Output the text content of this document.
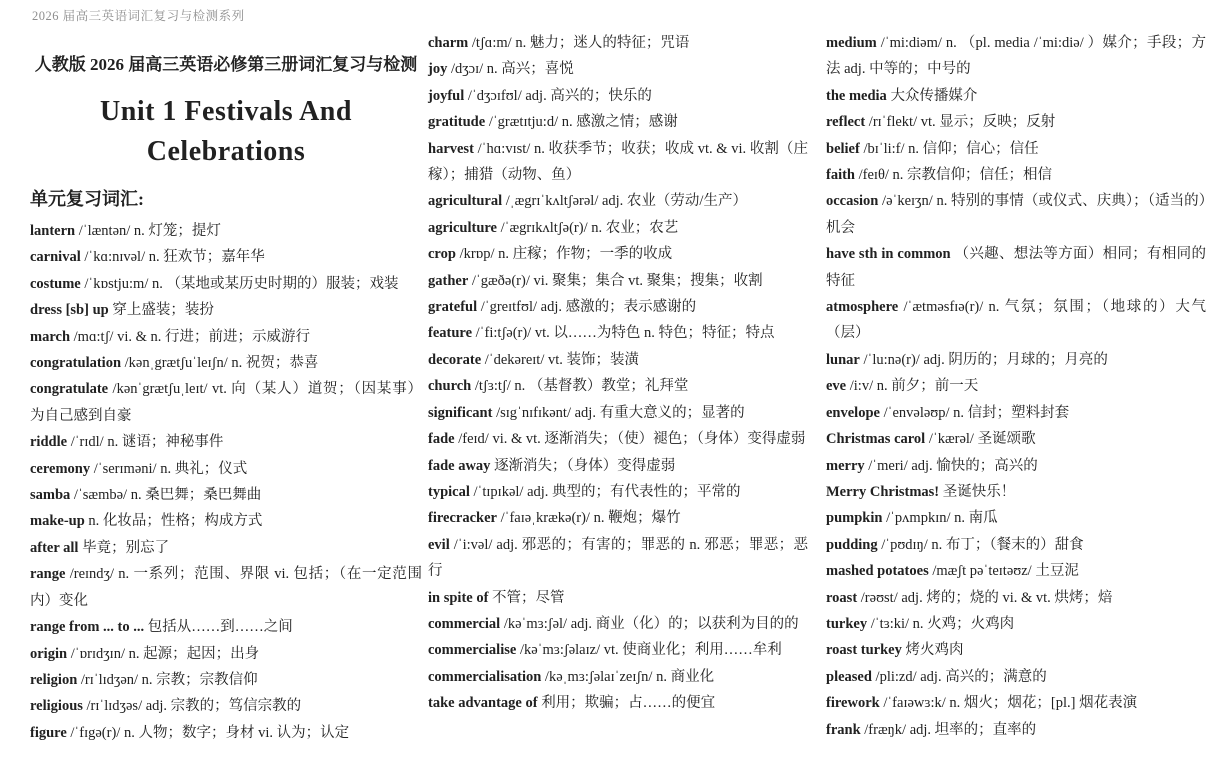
2026 届高三英语词汇复习与检测系列
人教版 2026 届高三英语必修第三册词汇复习与检测
Unit 1 Festivals And
Celebrations
单元复习词汇:
lantern /ˈlæntən/ n. 灯笼；提灯
carnival /ˈkɑ:nɪvəl/ n. 狂欢节；嘉年华
costume /ˈkɒstju:m/ n. （某地或某历史时期的）服装；戏装
dress [sb] up 穿上盛装；装扮
march /mɑ:tʃ/ vi. & n. 行进；前进；示威游行
congratulation /kənˌgrætʃuˈleɪʃn/ n. 祝贺；恭喜
congratulate /kənˈgrætʃuˌleɪt/ vt. 向（某人）道贺；（因某事）为自己感到自豪
riddle /ˈrɪdl/ n. 谜语；神秘事件
ceremony /ˈserɪməni/ n. 典礼；仪式
samba /ˈsæmbə/ n. 桑巴舞；桑巴舞曲
make-up n. 化妆品；性格；构成方式
after all 毕竟；别忘了
range /reɪndʒ/ n. 一系列；范围、界限 vi. 包括；（在一定范围内）变化
range from ... to ... 包括从……到……之间
origin /ˈɒrɪdʒɪn/ n. 起源；起因；出身
religion /rɪˈlɪdʒən/ n. 宗教；宗教信仰
religious /rɪˈlɪdʒəs/ adj. 宗教的；笃信宗教的
figure /ˈfɪgə(r)/ n. 人物；数字；身材 vi. 认为；认定
charm /tʃɑ:m/ n. 魅力；迷人的特征；咒语
joy /dʒɔɪ/ n. 高兴；喜悦
joyful /ˈdʒɔɪfʊl/ adj. 高兴的；快乐的
gratitude /ˈgrætɪtju:d/ n. 感激之情；感谢
harvest /ˈhɑ:vɪst/ n. 收获季节；收获；收成 vt. & vi. 收割（庄稼）；捕猎（动物、鱼）
agricultural /ˌægrɪˈkʌltʃərəl/ adj. 农业（劳动/生产）
agriculture /ˈægrɪkʌltʃə(r)/ n. 农业；农艺
crop /krɒp/ n. 庄稼；作物；一季的收成
gather /ˈgæðə(r)/ vi. 聚集；集合 vt. 聚集；搜集；收割
grateful /ˈgreɪtfʊl/ adj. 感激的；表示感谢的
feature /ˈfi:tʃə(r)/ vt. 以……为特色 n. 特色；特征；特点
decorate /ˈdekəreɪt/ vt. 装饰；装潢
church /tʃɜ:tʃ/ n. （基督教）教堂；礼拜堂
significant /sɪgˈnɪfɪkənt/ adj. 有重大意义的；显著的
fade /feɪd/ vi. & vt. 逐渐消失；（使）褪色；（身体）变得虚弱
fade away 逐渐消失；（身体）变得虚弱
typical /ˈtɪpɪkəl/ adj. 典型的；有代表性的；平常的
firecracker /ˈfaɪəˌkrækə(r)/ n. 鞭炮；爆竹
evil /ˈi:vəl/ adj. 邪恶的；有害的；罪恶的 n. 邪恶；罪恶；恶行
in spite of 不管；尽管
commercial /kəˈmɜ:ʃəl/ adj. 商业（化）的；以获利为目的的
commercialise /kəˈmɜ:ʃəlaɪz/ vt. 使商业化；利用……牟利
commercialisation /kəˌmɜ:ʃəlaɪˈzeɪʃn/ n. 商业化
take advantage of 利用；欺骗；占……的便宜
medium /ˈmi:diəm/ n. （pl. media /ˈmi:diə/ ）媒介；手段；方法 adj. 中等的；中号的
the media 大众传播媒介
reflect /rɪˈflekt/ vt. 显示；反映；反射
belief /bɪˈli:f/ n. 信仰；信心；信任
faith /feɪθ/ n. 宗教信仰；信任；相信
occasion /əˈkeɪʒn/ n. 特别的事情（或仪式、庆典）；（适当的）机会
have sth in common （兴趣、想法等方面）相同；有相同的特征
atmosphere /ˈætməsfɪə(r)/ n. 气氛；氛围；（地球的）大气（层）
lunar /ˈlu:nə(r)/ adj. 阴历的；月球的；月亮的
eve /i:v/ n. 前夕；前一天
envelope /ˈenvələʊp/ n. 信封；塑料封套
Christmas carol /ˈkærəl/ 圣诞颂歌
merry /ˈmeri/ adj. 愉快的；高兴的
Merry Christmas! 圣诞快乐！
pumpkin /ˈpʌmpkɪn/ n. 南瓜
pudding /ˈpʊdɪŋ/ n. 布丁；（餐末的）甜食
mashed potatoes /mæʃt pəˈteɪtəʊz/ 土豆泥
roast /rəʊst/ adj. 烤的；烧的 vi. & vt. 烘烤；焙
turkey /ˈtɜ:ki/ n. 火鸡；火鸡肉
roast turkey 烤火鸡肉
pleased /pli:zd/ adj. 高兴的；满意的
firework /ˈfaɪəwɜ:k/ n. 烟火；烟花；[pl.] 烟花表演
frank /fræŋk/ adj. 坦率的；直率的
